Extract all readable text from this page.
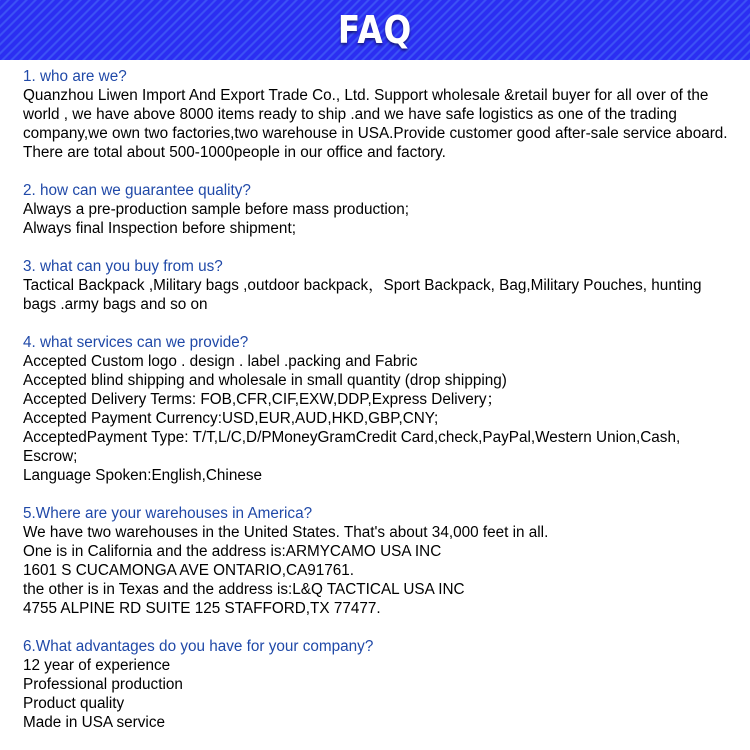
FAQ
1. who are we?
Quanzhou Liwen Import And Export Trade Co., Ltd. Support wholesale &retail buyer for all over of the world , we have above 8000 items ready to ship .and we have safe logistics as one of the trading company,we own two factories,two warehouse in USA.Provide customer good after-sale service aboard. There are total about 500-1000people in our office and factory.
2. how can we guarantee quality?
Always a pre-production sample before mass production;
Always final Inspection before shipment;
3. what can you buy from us?
Tactical Backpack ,Military bags ,outdoor backpack，Sport Backpack, Bag,Military Pouches, hunting bags .army bags and so on
4. what services can we provide?
Accepted Custom logo . design . label .packing and Fabric
Accepted blind shipping and wholesale in small quantity (drop shipping)
Accepted Delivery Terms: FOB,CFR,CIF,EXW,DDP,Express Delivery；
Accepted Payment Currency:USD,EUR,AUD,HKD,GBP,CNY;
AcceptedPayment Type: T/T,L/C,D/PMoneyGramCredit Card,check,PayPal,Western Union,Cash, Escrow;
Language Spoken:English,Chinese
5.Where are your warehouses in America?
We have two warehouses in the United States. That's about 34,000 feet in all.
One is in California and the address is:ARMYCAMO USA INC
1601 S CUCAMONGA AVE ONTARIO,CA91761.
the other is in Texas and the address is:L&Q TACTICAL USA INC
4755 ALPINE RD SUITE 125 STAFFORD,TX 77477.
6.What advantages do you have for your company?
12 year of experience
Professional production
Product quality
Made in USA service
